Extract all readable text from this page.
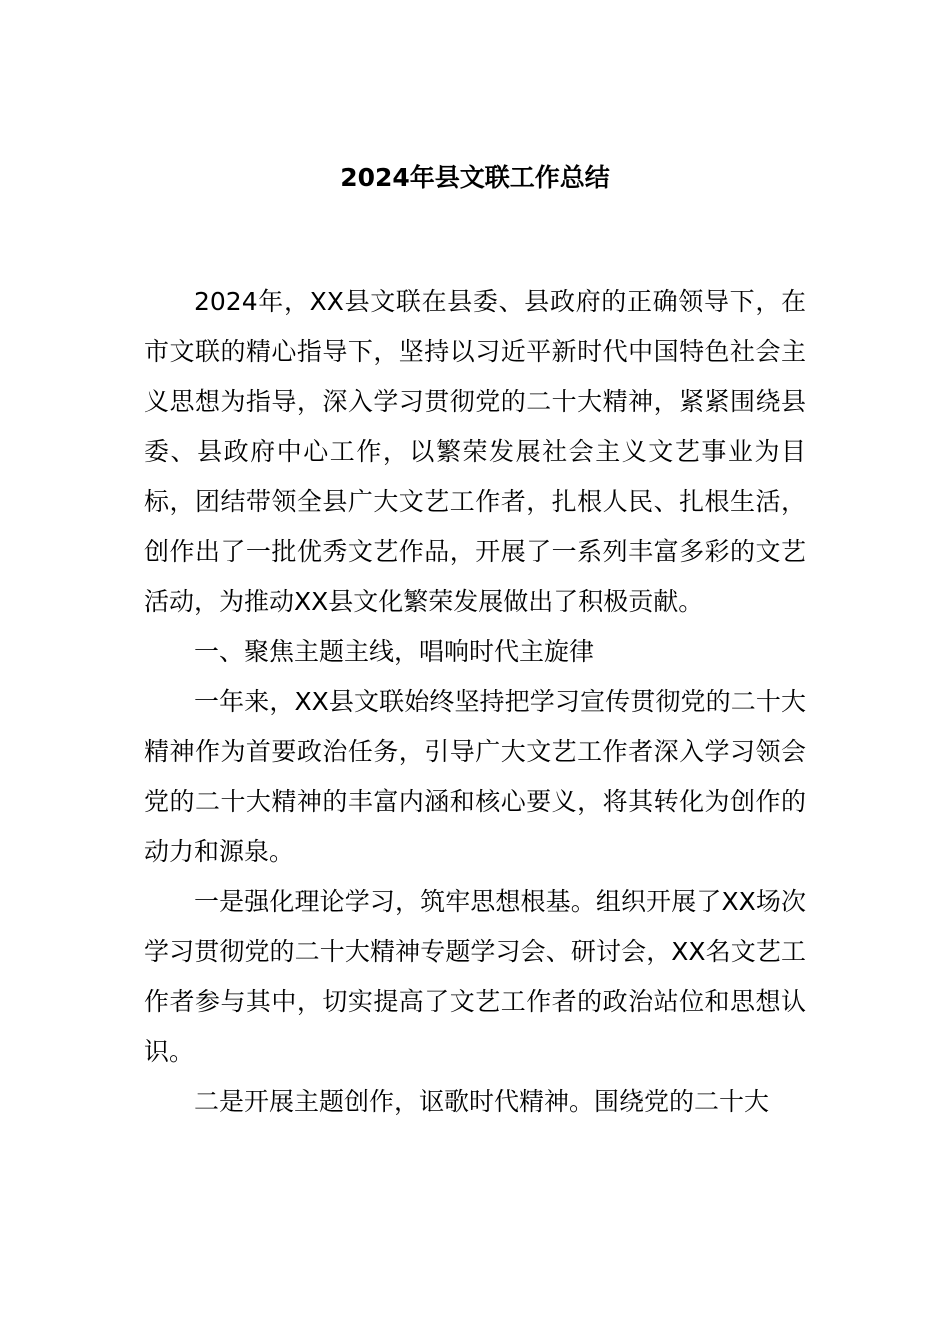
2024年县文联工作总结

2024年，XX县文联在县委、县政府的正确领导下，在市文联的精心指导下，坚持以习近平新时代中国特色社会主义思想为指导，深入学习贯彻党的二十大精神，紧紧围绕县委、县政府中心工作，以繁荣发展社会主义文艺事业为目标，团结带领全县广大文艺工作者，扎根人民、扎根生活，创作出了一批优秀文艺作品，开展了一系列丰富多彩的文艺活动，为推动XX县文化繁荣发展做出了积极贡献。

一、聚焦主题主线，唱响时代主旋律

一年来，XX县文联始终坚持把学习宣传贯彻党的二十大精神作为首要政治任务，引导广大文艺工作者深入学习领会党的二十大精神的丰富内涵和核心要义，将其转化为创作的动力和源泉。

一是强化理论学习，筑牢思想根基。组织开展了XX场次学习贯彻党的二十大精神专题学习会、研讨会，XX名文艺工作者参与其中，切实提高了文艺工作者的政治站位和思想认识。

二是开展主题创作，讴歌时代精神。围绕党的二十大
